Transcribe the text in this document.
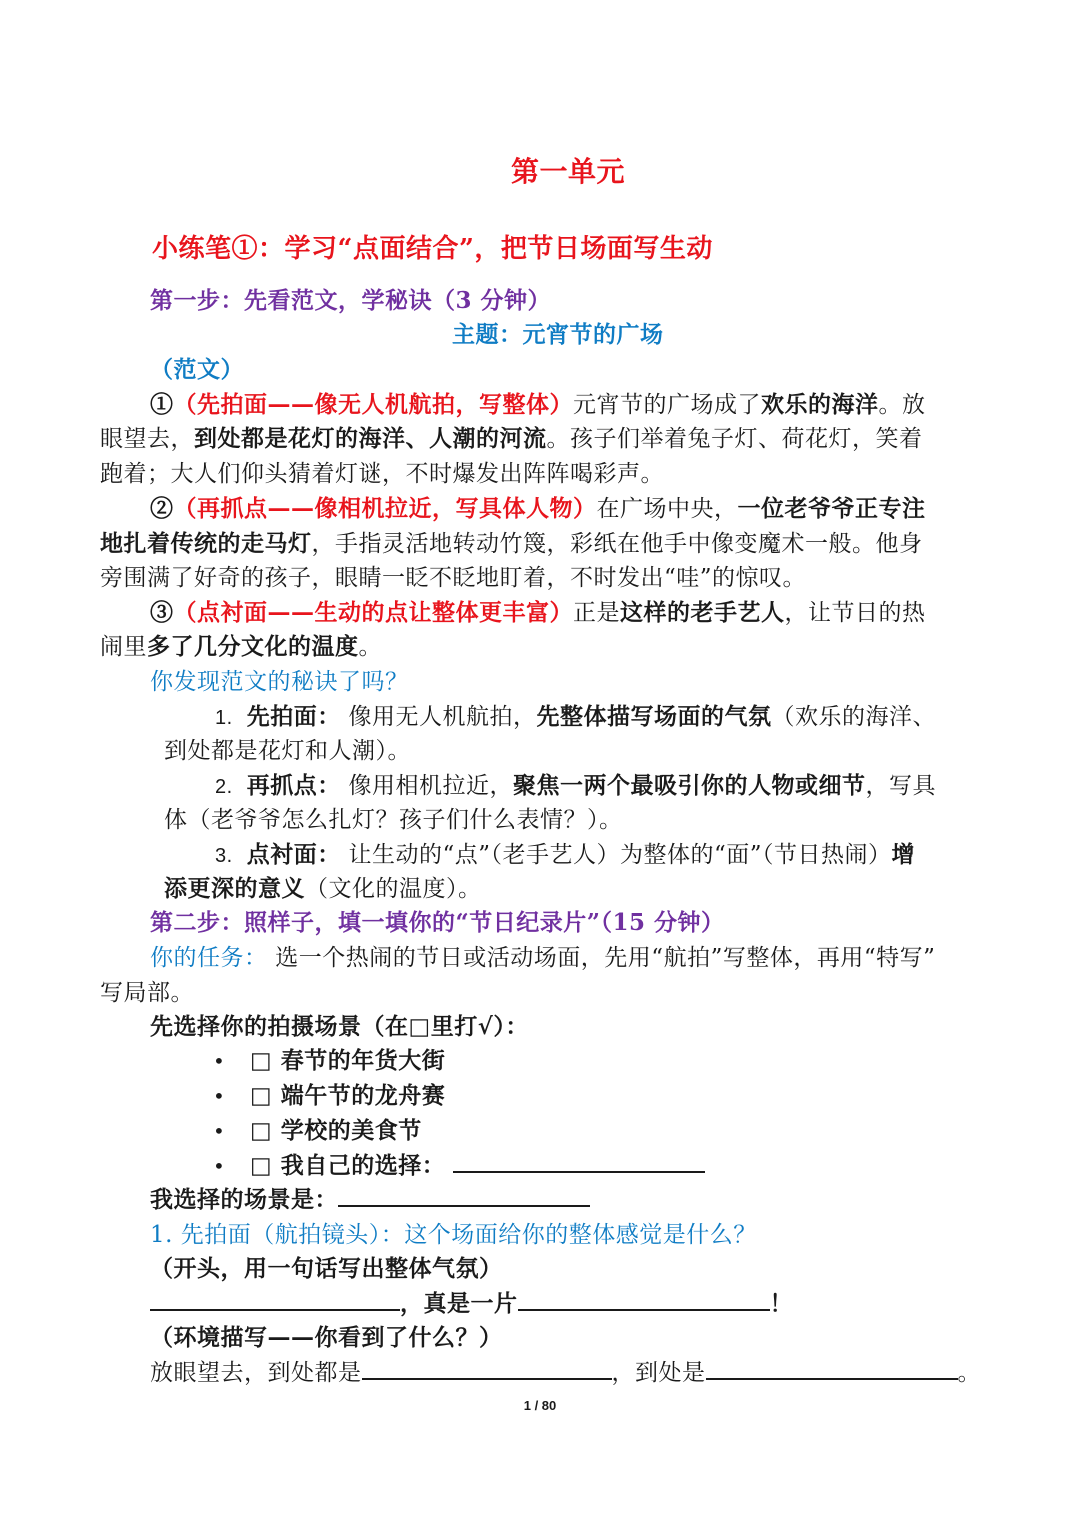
第一单元
小练笔①：学习“点面结合”，把节日场面写生动
第一步：先看范文，学秘诀（3 分钟）
主题：元宵节的广场
（范文）
①（先拍面——像无人机航拍，写整体）元宵节的广场成了欢乐的海洋。放
眼望去，到处都是花灯的海洋、人潮的河流。孩子们举着兔子灯、荷花灯，笑着
跑着；大人们仰头猜着灯谜，不时爆发出阵阵喝彩声。
②（再抓点——像相机拉近，写具体人物）在广场中央，一位老爷爷正专注
地扎着传统的走马灯，手指灵活地转动竹篾，彩纸在他手中像变魔术一般。他身
旁围满了好奇的孩子，眼睛一眨不眨地盯着，不时发出“哇”的惊叹。
③（点衬面——生动的点让整体更丰富）正是这样的老手艺人，让节日的热
闹里多了几分文化的温度。
你发现范文的秘诀了吗？
1. 先拍面： 像用无人机航拍，先整体描写场面的气氛（欢乐的海洋、
到处都是花灯和人潮）。
2. 再抓点： 像用相机拉近，聚焦一两个最吸引你的人物或细节，写具
体（老爷爷怎么扎灯？孩子们什么表情？）。
3. 点衬面： 让生动的“点”（老手艺人）为整体的“面”（节日热闹）增
添更深的意义（文化的温度）。
第二步：照样子，填一填你的“节日纪录片”（15 分钟）
你的任务： 选一个热闹的节日或活动场面，先用“航拍”写整体，再用“特写”
写局部。
先选择你的拍摄场景（在□里打√）：
• □ 春节的年货大街
• □ 端午节的龙舟赛
• □ 学校的美食节
• □ 我自己的选择：
我选择的场景是：
1. 先拍面（航拍镜头）：这个场面给你的整体感觉是什么？
（开头，用一句话写出整体气氛）
，真是一片	！
（环境描写——你看到了什么？）
放眼望去，到处都是	，到处是	。
1 / 80
